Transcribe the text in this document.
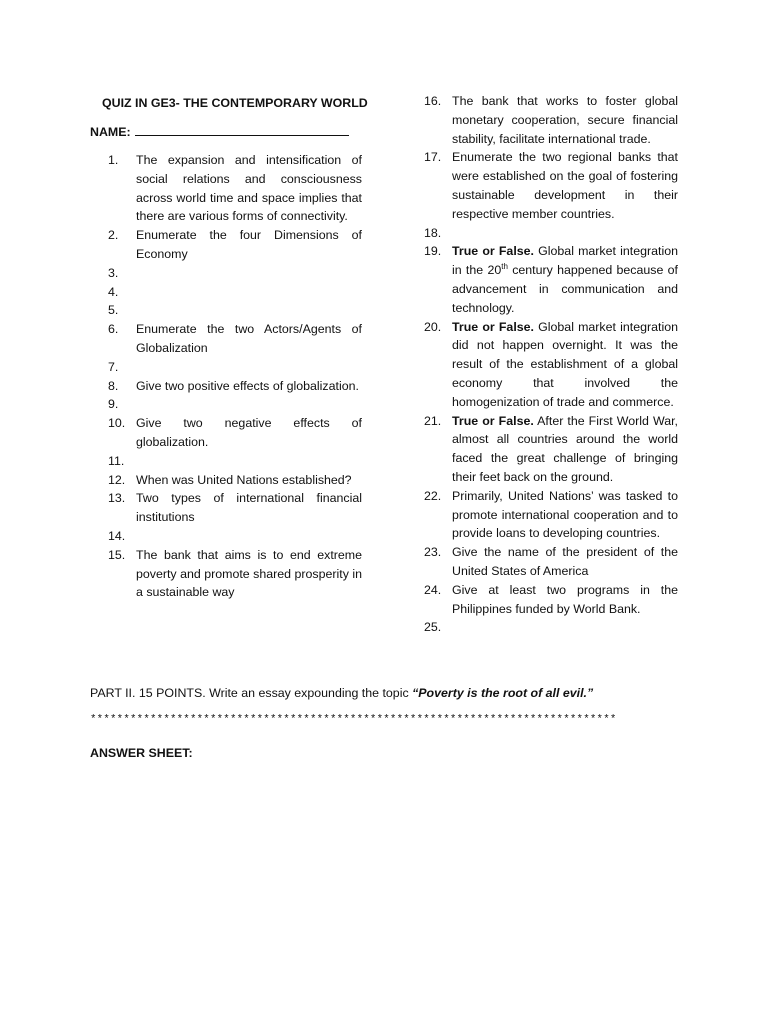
QUIZ IN GE3- THE CONTEMPORARY WORLD
NAME:
1. The expansion and intensification of social relations and consciousness across world time and space implies that there are various forms of connectivity.
2. Enumerate the four Dimensions of Economy
3.

4.

5.

6. Enumerate the two Actors/Agents of Globalization
7.

8. Give two positive effects of globalization.
9.

10. Give two negative effects of globalization.
11.

12. When was United Nations established?
13. Two types of international financial institutions
14.

15. The bank that aims is to end extreme poverty and promote shared prosperity in a sustainable way
16. The bank that works to foster global monetary cooperation, secure financial stability, facilitate international trade.
17. Enumerate the two regional banks that were established on the goal of fostering sustainable development in their respective member countries.
18.

19. True or False. Global market integration in the 20th century happened because of advancement in communication and technology.
20. True or False. Global market integration did not happen overnight. It was the result of the establishment of a global economy that involved the homogenization of trade and commerce.
21. True or False. After the First World War, almost all countries around the world faced the great challenge of bringing their feet back on the ground.
22. Primarily, United Nations’ was tasked to promote international cooperation and to provide loans to developing countries.
23. Give the name of the president of the United States of America
24. Give at least two programs in the Philippines funded by World Bank.
25.

PART II. 15 POINTS. Write an essay expounding the topic “Poverty is the root of all evil.”
*******************************************************************************
ANSWER SHEET:
